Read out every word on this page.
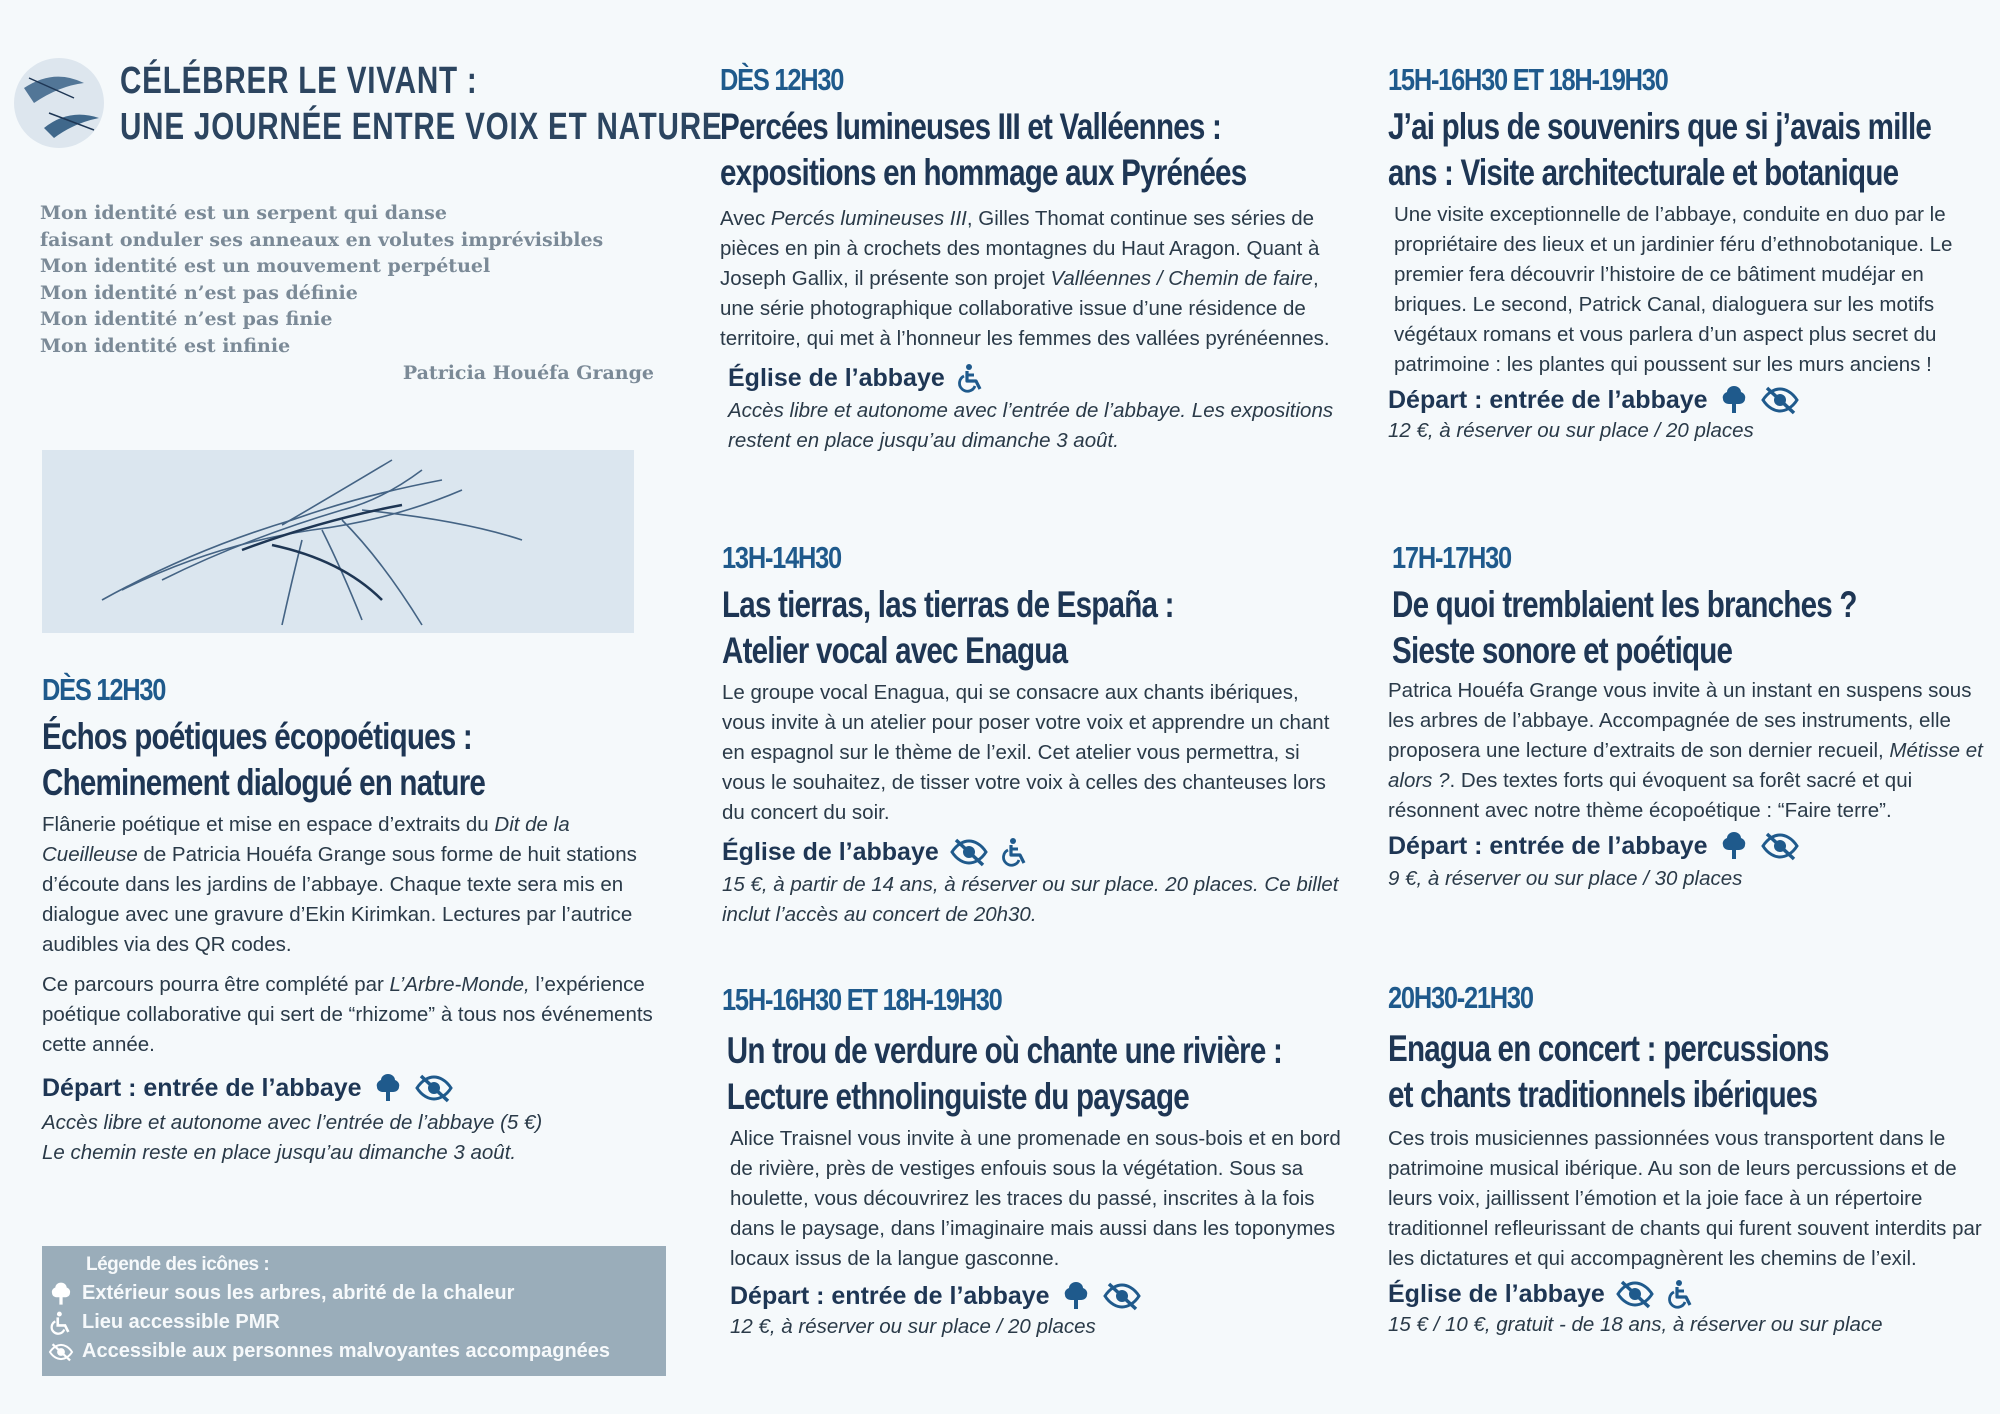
CÉLÉBRER LE VIVANT :
UNE JOURNÉE ENTRE VOIX ET NATURE
Mon identité est un serpent qui danse
faisant onduler ses anneaux en volutes imprévisibles
Mon identité est un mouvement perpétuel
Mon identité n’est pas définie
Mon identité n’est pas finie
Mon identité est infinie
Patricia Houéfa Grange
DÈS 12H30
Échos poétiques écopoétiques :
Cheminement dialogué en nature
Flânerie poétique et mise en espace d’extraits du Dit de la Cueilleuse de Patricia Houéfa Grange sous forme de huit stations d’écoute dans les jardins de l’abbaye. Chaque texte sera mis en dialogue avec une gravure d’Ekin Kirimkan. Lectures par l’autrice audibles via des QR codes.
Ce parcours pourra être complété par L’Arbre-Monde, l’expérience poétique collaborative qui sert de “rhizome” à tous nos événements cette année.
Départ : entrée de l’abbaye
Accès libre et autonome avec l’entrée de l’abbaye (5 €)
Le chemin reste en place jusqu’au dimanche 3 août.
Légende des icônes :
Extérieur sous les arbres, abrité de la chaleur
Lieu accessible PMR
Accessible aux personnes malvoyantes accompagnées
DÈS 12H30
Percées lumineuses III et Valléennes :
expositions en hommage aux Pyrénées
Avec Percés lumineuses III, Gilles Thomat continue ses séries de pièces en pin à crochets des montagnes du Haut Aragon. Quant à Joseph Gallix, il présente son projet Valléennes / Chemin de faire, une série photographique collaborative issue d’une résidence de territoire, qui met à l’honneur les femmes des vallées pyrénéennes.
Église de l’abbaye
Accès libre et autonome avec l’entrée de l’abbaye. Les expositions restent en place jusqu’au dimanche 3 août.
13H-14H30
Las tierras, las tierras de España :
Atelier vocal avec Enagua
Le groupe vocal Enagua, qui se consacre aux chants ibériques, vous invite à un atelier pour poser votre voix et apprendre un chant en espagnol sur le thème de l’exil. Cet atelier vous permettra, si vous le souhaitez, de tisser votre voix à celles des chanteuses lors du concert du soir.
Église de l’abbaye
15 €, à partir de 14 ans, à réserver ou sur place. 20 places. Ce billet inclut l’accès au concert de 20h30.
15H-16H30 ET 18H-19H30
Un trou de verdure où chante une rivière :
Lecture ethnolinguiste du paysage
Alice Traisnel vous invite à une promenade en sous-bois et en bord de rivière, près de vestiges enfouis sous la végétation. Sous sa houlette, vous découvrirez les traces du passé, inscrites à la fois dans le paysage, dans l’imaginaire mais aussi dans les toponymes locaux issus de la langue gasconne.
Départ : entrée de l’abbaye
12 €, à réserver ou sur place / 20 places
15H-16H30 ET 18H-19H30
J’ai plus de souvenirs que si j’avais mille
ans : Visite architecturale et botanique
Une visite exceptionnelle de l’abbaye, conduite en duo par le propriétaire des lieux et un jardinier féru d’ethnobotanique. Le premier fera découvrir l’histoire de ce bâtiment mudéjar en briques. Le second, Patrick Canal, dialoguera sur les motifs végétaux romans et vous parlera d’un aspect plus secret du patrimoine : les plantes qui poussent sur les murs anciens !
Départ : entrée de l’abbaye
12 €, à réserver ou sur place / 20 places
17H-17H30
De quoi tremblaient les branches ?
Sieste sonore et poétique
Patrica Houéfa Grange vous invite à un instant en suspens sous les arbres de l’abbaye. Accompagnée de ses instruments, elle proposera une lecture d’extraits de son dernier recueil, Métisse et alors ?. Des textes forts qui évoquent sa forêt sacré et qui résonnent avec notre thème écopoétique : “Faire terre”.
Départ : entrée de l’abbaye
9 €, à réserver ou sur place / 30 places
20H30-21H30
Enagua en concert : percussions
et chants traditionnels ibériques
Ces trois musiciennes passionnées vous transportent dans le patrimoine musical ibérique. Au son de leurs percussions et de leurs voix, jaillissent l’émotion et la joie face à un répertoire traditionnel refleurissant de chants qui furent souvent interdits par les dictatures et qui accompagnèrent les chemins de l’exil.
Église de l’abbaye
15 € / 10 €, gratuit - de 18 ans, à réserver ou sur place
